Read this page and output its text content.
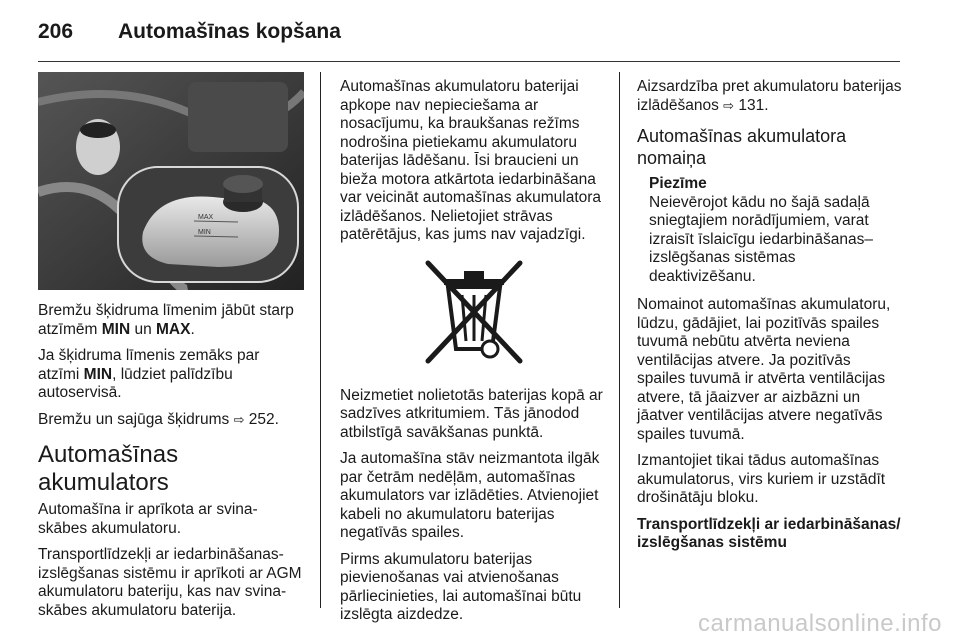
206 Automašīnas kopšana
MAX
MIN

Bremžu šķidruma līmenim jābūt starp atzīmēm MIN un MAX.

Ja šķidruma līmenis zemāks par atzīmi MIN, lūdziet palīdzību autoservisā.

Bremžu un sajūga šķidrums ⇨ 252.

Automašīnas akumulators

Automašīna ir aprīkota ar svina-skābes akumulatoru.

Transportlīdzekļi ar iedarbināšanas-izslēgšanas sistēmu ir aprīkoti ar AGM akumulatoru bateriju, kas nav svina-skābes akumulatoru baterija.

Automašīnas akumulatoru baterijai apkope nav nepieciešama ar nosacījumu, ka braukšanas režīms nodrošina pietiekamu akumulatoru baterijas lādēšanu. Īsi braucieni un bieža motora atkārtota iedarbināšana var veicināt automašīnas akumulatora izlādēšanos. Nelietojiet strāvas patērētājus, kas jums nav vajadzīgi.

Neizmetiet nolietotās baterijas kopā ar sadzīves atkritumiem. Tās jānodod atbilstīgā savākšanas punktā.

Ja automašīna stāv neizmantota ilgāk par četrām nedēļām, automašīnas akumulators var izlādēties. Atvienojiet kabeli no akumulatoru baterijas negatīvās spailes.

Pirms akumulatoru baterijas pievienošanas vai atvienošanas pārliecinieties, lai automašīnai būtu izslēgta aizdedze.

Aizsardzība pret akumulatoru baterijas izlādēšanos ⇨ 131.

Automašīnas akumulatora nomaiņa
Piezīme
Neievērojot kādu no šajā sadaļā sniegtajiem norādījumiem, varat izraisīt īslaicīgu iedarbināšanas–izslēgšanas sistēmas deaktivizēšanu.

Nomainot automašīnas akumulatoru, lūdzu, gādājiet, lai pozitīvās spailes tuvumā nebūtu atvērta neviena ventilācijas atvere. Ja pozitīvās spailes tuvumā ir atvērta ventilācijas atvere, tā jāaizver ar aizbāzni un jāatver ventilācijas atvere negatīvās spailes tuvumā.

Izmantojiet tikai tādus automašīnas akumulatorus, virs kuriem ir uzstādīt drošinātāju bloku.

Transportlīdzekļi ar iedarbināšanas/ izslēgšanas sistēmu
carmanualsonline.info
